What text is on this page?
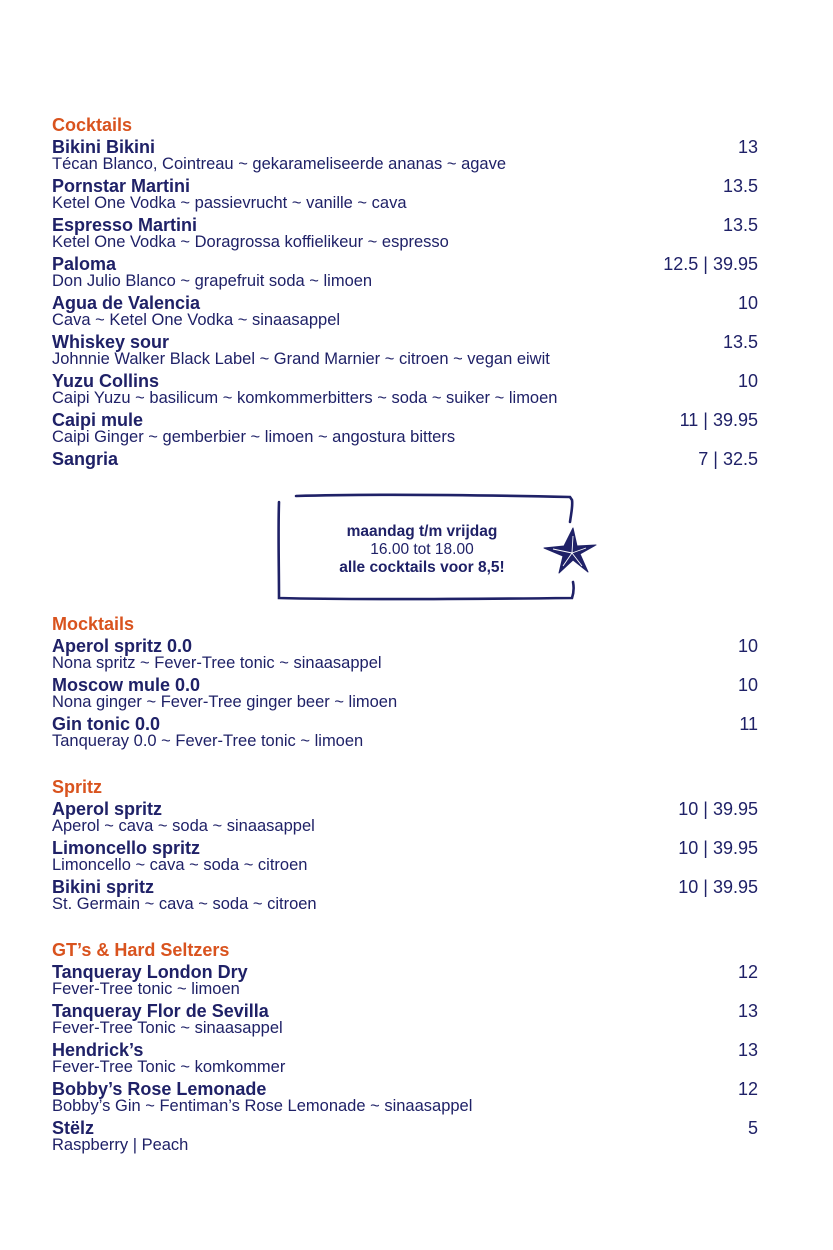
Cocktails
Bikini Bikini
Técan Blanco, Cointreau ~ gekarameliseerde ananas ~ agave
13
Pornstar Martini
Ketel One Vodka ~ passievrucht ~ vanille ~ cava
13.5
Espresso Martini
Ketel One Vodka ~ Doragrossa koffielikeur ~ espresso
13.5
Paloma
Don Julio Blanco ~ grapefruit soda ~ limoen
12.5 | 39.95
Agua de Valencia
Cava ~ Ketel One Vodka ~ sinaasappel
10
Whiskey sour
Johnnie Walker Black Label ~ Grand Marnier ~ citroen ~ vegan eiwit
13.5
Yuzu Collins
Caipi Yuzu ~ basilicum ~ komkommerbitters ~ soda ~ suiker ~ limoen
10
Caipi mule
Caipi Ginger ~ gemberbier ~ limoen ~ angostura bitters
11 | 39.95
Sangria	7 | 32.5
maandag t/m vrijdag
16.00 tot 18.00
alle cocktails voor 8,5!
Mocktails
Aperol spritz 0.0
Nona spritz ~ Fever-Tree tonic ~ sinaasappel
10
Moscow mule 0.0
Nona ginger ~ Fever-Tree ginger beer ~ limoen
10
Gin tonic 0.0
Tanqueray 0.0 ~ Fever-Tree tonic ~ limoen
11
Spritz
Aperol spritz
Aperol ~ cava ~ soda ~ sinaasappel
10 | 39.95
Limoncello spritz
Limoncello ~ cava ~ soda ~ citroen
10 | 39.95
Bikini spritz
St. Germain ~ cava ~ soda ~ citroen
10 | 39.95
GT’s & Hard Seltzers
Tanqueray London Dry
Fever-Tree tonic ~ limoen
12
Tanqueray Flor de Sevilla
Fever-Tree Tonic ~ sinaasappel
13
Hendrick’s
Fever-Tree Tonic ~ komkommer
13
Bobby’s Rose Lemonade
Bobby’s Gin ~ Fentiman’s Rose Lemonade ~ sinaasappel
12
Stëlz
Raspberry | Peach
5
